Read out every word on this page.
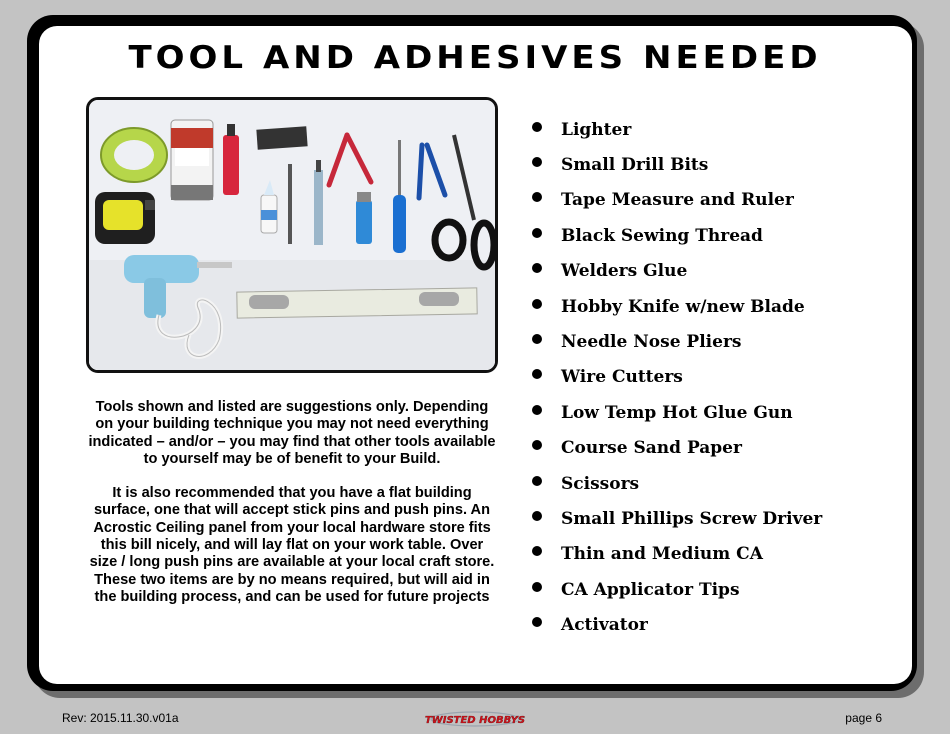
TOOL AND ADHESIVES NEEDED

Tools shown and listed are suggestions only. Depending on your building technique you may not need everything indicated – and/or – you may find that other tools available to yourself may be of benefit to your Build.

It is also recommended that you have a flat building surface, one that will accept stick pins and push pins. An Acrostic Ceiling panel from your local hardware store fits this bill nicely, and will lay flat on your work table. Over size / long push pins are available at your local craft store. These two items are by no means required, but will aid in the building process, and can be used for future projects

Lighter
Small Drill Bits
Tape Measure and Ruler
Black Sewing Thread
Welders Glue
Hobby Knife w/new Blade
Needle Nose Pliers
Wire Cutters
Low Temp Hot Glue Gun
Course Sand Paper
Scissors
Small Phillips Screw Driver
Thin and Medium CA
CA Applicator Tips
Activator
Rev: 2015.11.30.v01a	TWISTED HOBBYS	page 6
